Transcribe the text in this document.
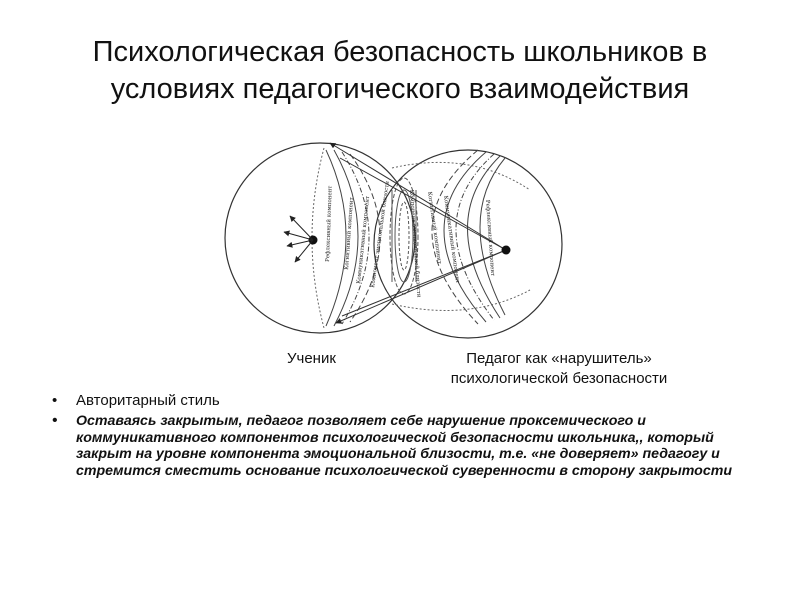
Психологическая безопасность школьников в
условиях педагогического взаимодействия
Рефлексивный компонент Когнитивный компонент Коммуникативный компонент
Компонент эмоциональной близости	Компонент эмоциональной близости Когнитивный компонент Коммуникативный компонент	Рефлексивный компонент
Ученик	Педагог как «нарушитель»
психологической безопасности
• Авторитарный стиль
• Оставаясь закрытым, педагог позволяет себе нарушение проксемического и коммуникативного компонентов психологической безопасности школьника,, который закрыт на уровне компонента эмоциональной близости, т.е. «не доверяет» педагогу и стремится сместить основание психологической суверенности в сторону закрытости
